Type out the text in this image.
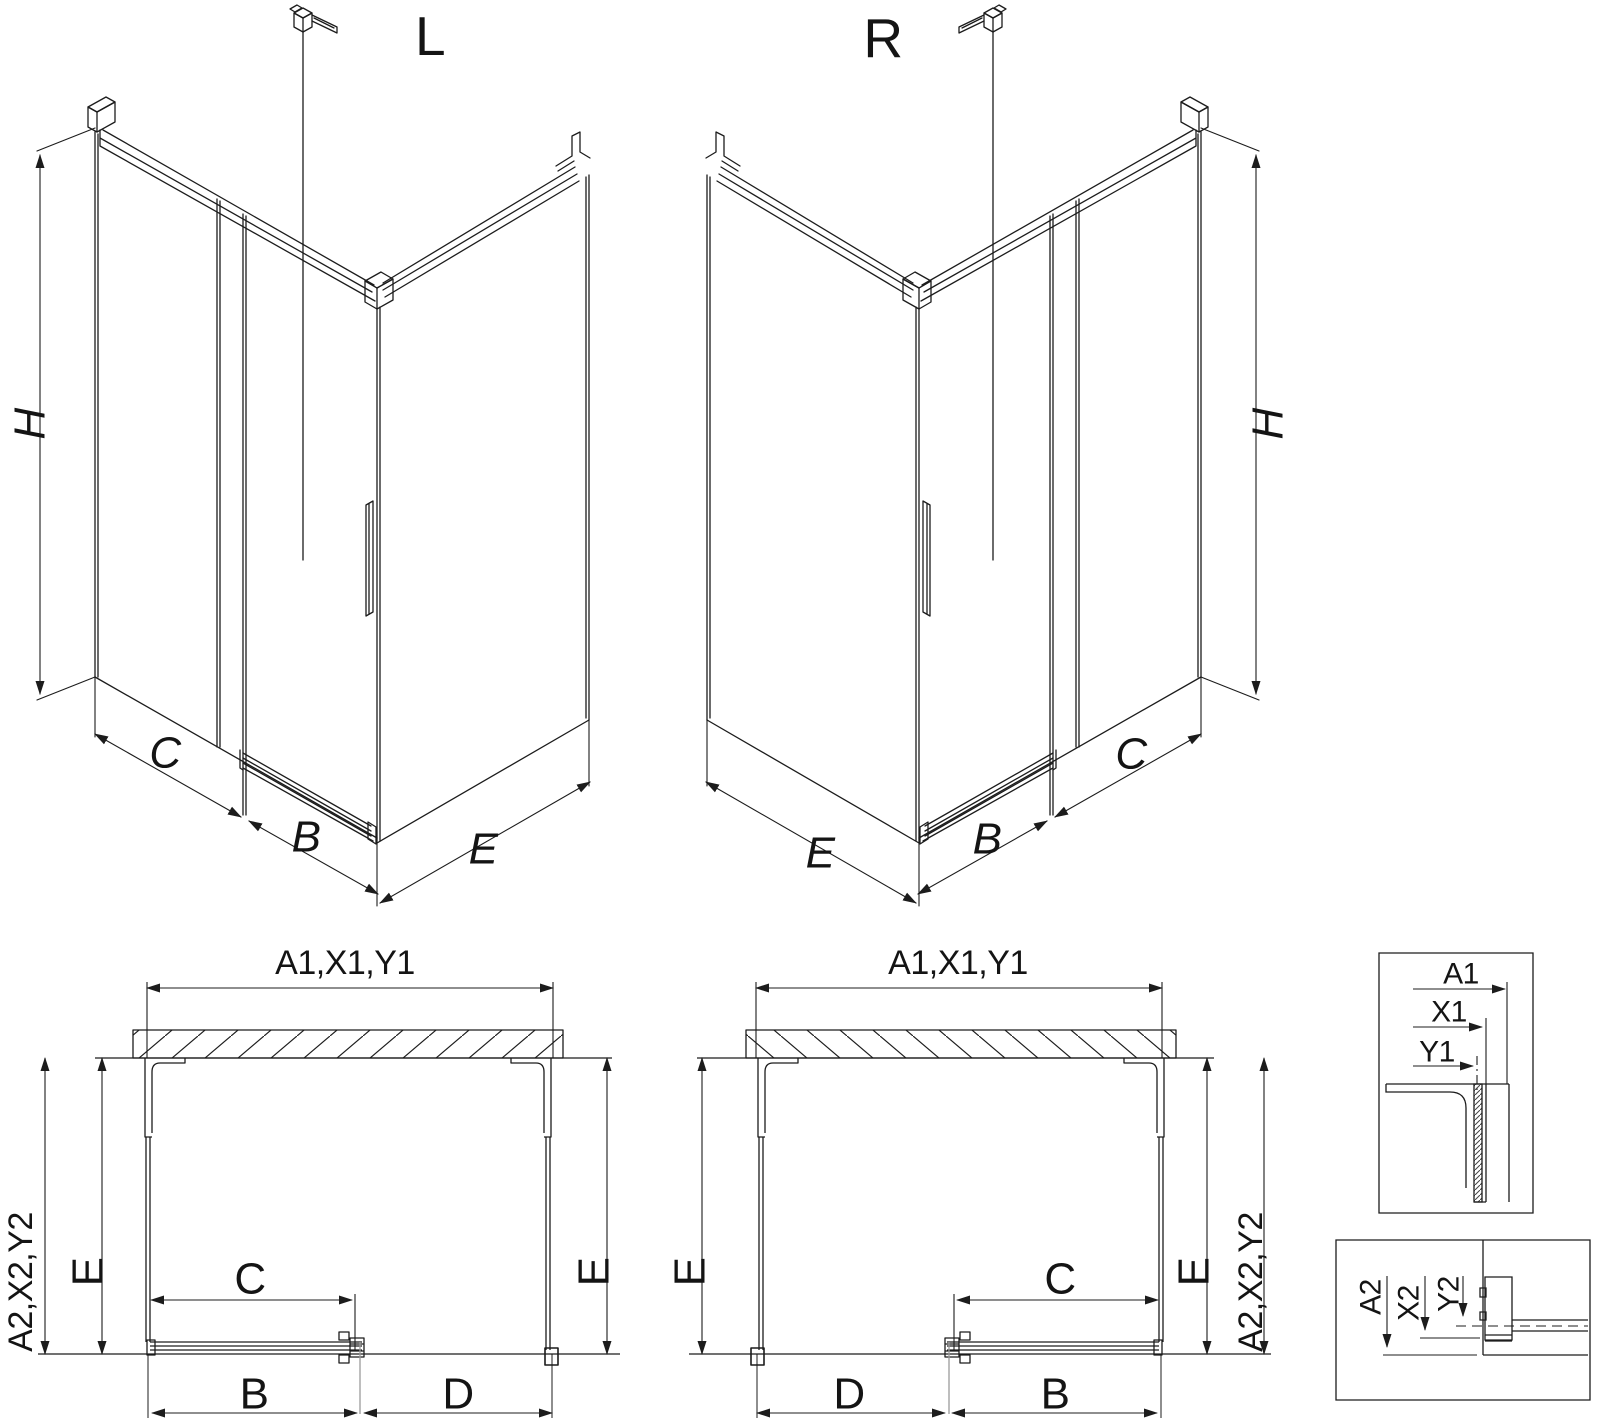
L	R
H
C
B	E
H
E	B
C
A1,X1,Y1
A2,X2,Y2 E	E
C
B	D
A1,X1,Y1
E	E A2,X2,Y2
C
D	B
A1
X1
Y1
A2 X2 Y2
